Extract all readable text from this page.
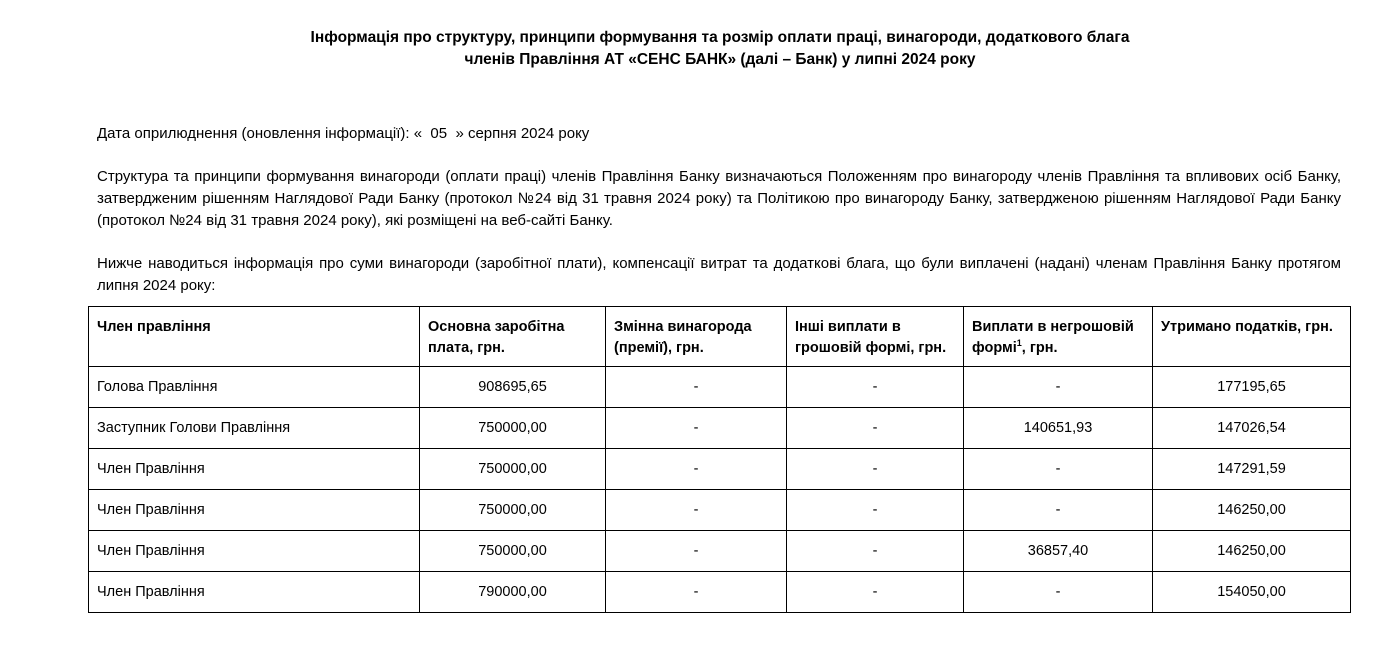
Інформація про структуру, принципи формування та розмір оплати праці, винагороди, додаткового блага
членів Правління АТ «СЕНС БАНК» (далі – Банк) у липні 2024 року
Дата оприлюднення (оновлення інформації): « 05 » серпня 2024 року
Структура та принципи формування винагороди (оплати праці) членів Правління Банку визначаються Положенням про винагороду членів Правління та впливових осіб Банку, затвердженим рішенням Наглядової Ради Банку (протокол №24 від 31 травня 2024 року) та Політикою про винагороду Банку, затвердженою рішенням Наглядової Ради Банку (протокол №24 від 31 травня 2024 року), які розміщені на веб-сайті Банку.
Нижче наводиться інформація про суми винагороди (заробітної плати), компенсації витрат та додаткові блага, що були виплачені (надані) членам Правління Банку протягом липня 2024 року:
Член правління	Основна заробітна плата, грн.	Змінна винагорода (премії), грн.	Інші виплати в грошовій формі, грн.	Виплати в негрошовій формі$^1$, грн.	Утримано податків, грн.
Голова Правління	908695,65	-	-	-	177195,65
Заступник Голови Правління	750000,00	-	-	140651,93	147026,54
Член Правління	750000,00	-	-	-	147291,59
Член Правління	750000,00	-	-	-	146250,00
Член Правління	750000,00	-	-	36857,40	146250,00
Член Правління	790000,00	-	-	-	154050,00
